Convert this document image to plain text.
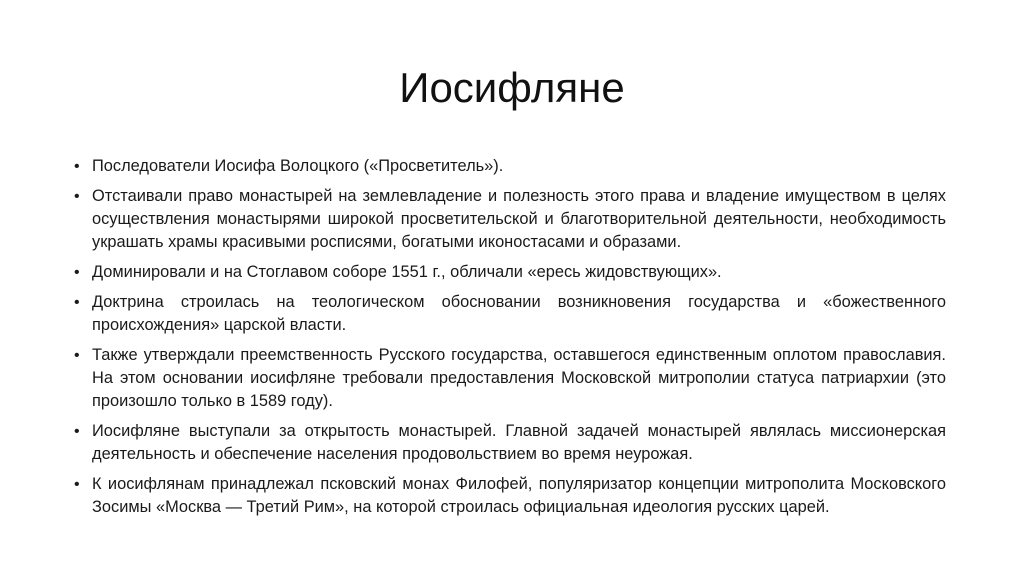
Иосифляне
• Последователи Иосифа Волоцкого («Просветитель»).
• Отстаивали право монастырей на землевладение и полезность этого права и владение имуществом в целях осуществления монастырями широкой просветительской и благотворительной деятельности, необходимость украшать храмы красивыми росписями, богатыми иконостасами и образами.
• Доминировали и на Стоглавом соборе 1551 г., обличали «ересь жидовствующих».
• Доктрина строилась на теологическом обосновании возникновения государства и «божественного происхождения» царской власти.
• Также утверждали преемственность Русского государства, оставшегося единственным оплотом православия. На этом основании иосифляне требовали предоставления Московской митрополии статуса патриархии (это произошло только в 1589 году).
• Иосифляне выступали за открытость монастырей. Главной задачей монастырей являлась миссионерская деятельность и обеспечение населения продовольствием во время неурожая.
• К иосифлянам принадлежал псковский монах Филофей, популяризатор концепции митрополита Московского Зосимы «Москва — Третий Рим», на которой строилась официальная идеология русских царей.
